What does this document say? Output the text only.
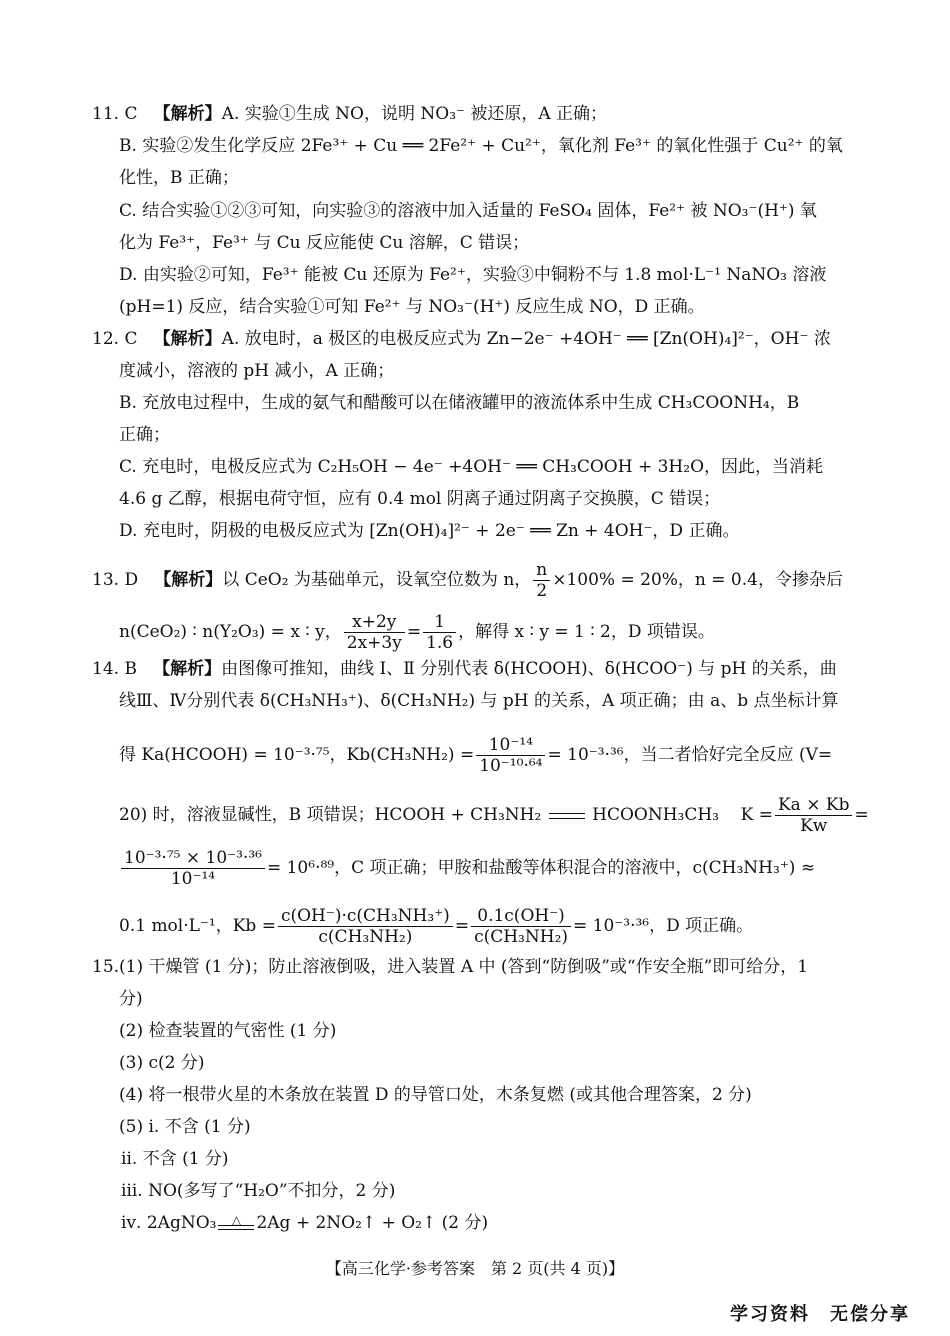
11. C 【解析】A. 实验①生成 NO，说明 NO₃⁻ 被还原，A 正确；
B. 实验②发生化学反应 2Fe³⁺ + Cu ══ 2Fe²⁺ + Cu²⁺，氧化剂 Fe³⁺ 的氧化性强于 Cu²⁺ 的氧
化性，B 正确；
C. 结合实验①②③可知，向实验③的溶液中加入适量的 FeSO₄ 固体，Fe²⁺ 被 NO₃⁻(H⁺) 氧
化为 Fe³⁺，Fe³⁺ 与 Cu 反应能使 Cu 溶解，C 错误；
D. 由实验②可知，Fe³⁺ 能被 Cu 还原为 Fe²⁺，实验③中铜粉不与 1.8 mol·L⁻¹ NaNO₃ 溶液
(pH=1) 反应，结合实验①可知 Fe²⁺ 与 NO₃⁻(H⁺) 反应生成 NO，D 正确。
12. C 【解析】A. 放电时，a 极区的电极反应式为 Zn−2e⁻ +4OH⁻ ══ [Zn(OH)₄]²⁻，OH⁻ 浓
度减小，溶液的 pH 减小，A 正确；
B. 充放电过程中，生成的氨气和醋酸可以在储液罐甲的液流体系中生成 CH₃COONH₄，B
正确；
C. 充电时，电极反应式为 C₂H₅OH − 4e⁻ +4OH⁻ ══ CH₃COOH + 3H₂O，因此，当消耗
4.6 g 乙醇，根据电荷守恒，应有 0.4 mol 阴离子通过阴离子交换膜，C 错误；
D. 充电时，阴极的电极反应式为 [Zn(OH)₄]²⁻ + 2e⁻ ══ Zn + 4OH⁻，D 正确。
13. D 【解析】以 CeO₂ 为基础单元，设氧空位数为 n， $\frac{n}{2} \times 100\% = 20\%$，n = 0.4，令掺杂后
n(CeO₂) ∶ n(Y₂O₃) = x ∶ y， $\frac{x+2y}{2x+3y} = \frac{1}{1.6}$ ，解得 x ∶ y = 1 ∶ 2，D 项错误。
14. B 【解析】由图像可推知，曲线 Ⅰ、Ⅱ 分别代表 δ(HCOOH)、δ(HCOO⁻) 与 pH 的关系，曲
线Ⅲ、Ⅳ分别代表 δ(CH₃NH₃⁺)、δ(CH₃NH₂) 与 pH 的关系，A 项正确；由 a、b 点坐标计算
得 Ka(HCOOH) = 10⁻³·⁷⁵，$Kb(CH_3NH_2) = \frac{\text{10⁻¹⁴}}{\text{10⁻¹⁰·⁶⁴}} = 10^{-3}\cdot^{36}$，当二者恰好完全反应 (V=
20) 时，溶液显碱性，B 项错误；HCOOH + CH₃NH₂	HCOONH₃CH₃ $K = \frac{Ka \times Kb}{Kw}$ =
$\frac{\text{10⁻³·⁷⁵ × 10⁻³·³⁶}}{\text{10⁻¹⁴}} = 10^6\cdot^{89}$，C 项正确；甲胺和盐酸等体积混合的溶液中，c(CH₃NH₃⁺) ≈
0.1 mol·L⁻¹，$Kb = \frac{\text{c(OH⁻)·c(CH₃NH₃⁺)}}{\text{c(CH₃NH₂)}} = \frac{0.1c(OH^-)}{\text{c(CH₃NH₂)}} = 10^{-3}\cdot^{36}$，D 项正确。
15.(1) 干燥管 (1 分)；防止溶液倒吸，进入装置 A 中 (答到“防倒吸”或“作安全瓶”即可给分，1
分)
(2) 检查装置的气密性 (1 分)
(3) c(2 分)
(4) 将一根带火星的木条放在装置 D 的导管口处，木条复燃 (或其他合理答案，2 分)
(5) ⅰ. 不含 (1 分)
ⅱ. 不含 (1 分)
ⅲ. NO(多写了“H₂O”不扣分，2 分)
ⅳ. 2AgNO₃	△ 2Ag + 2NO₂↑ + O₂↑ (2 分)
【高三化学·参考答案　第 2 页(共 4 页)】
学习资料　无偿分享
